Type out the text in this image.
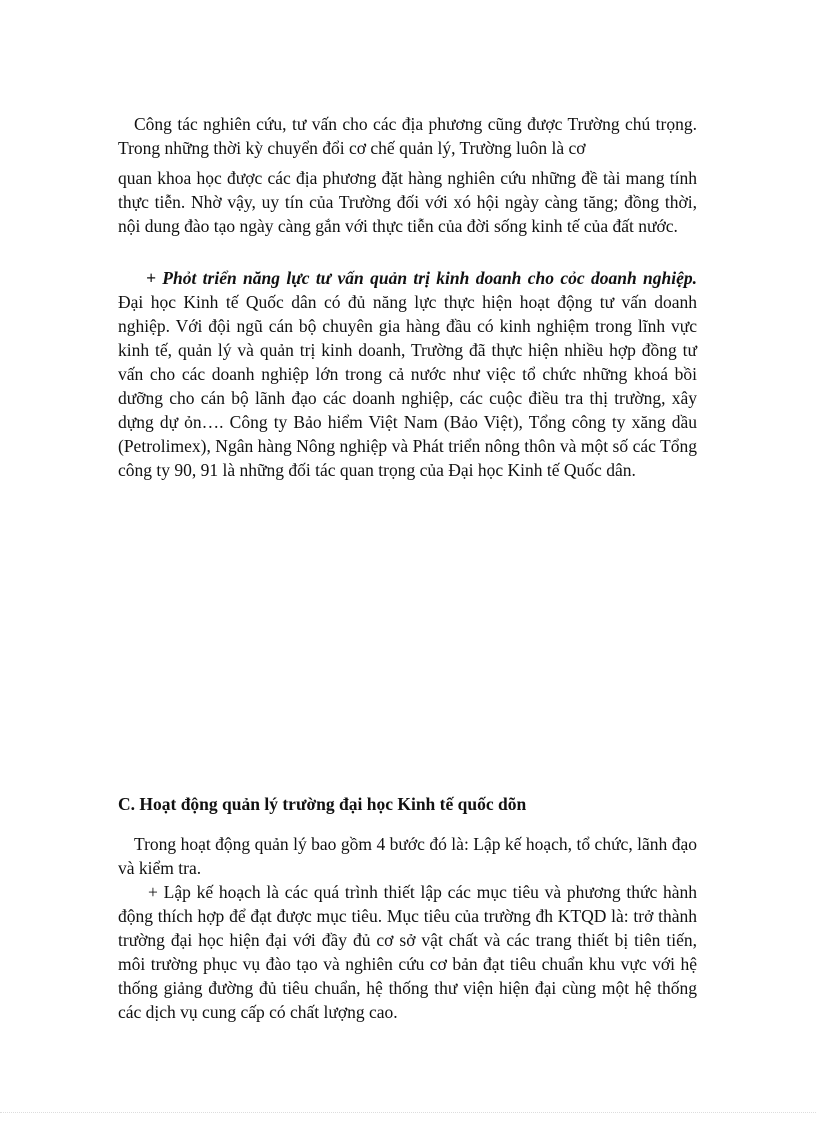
Công tác nghiên cứu, tư vấn cho các địa phương cũng được Trường chú trọng. Trong những thời kỳ chuyển đổi cơ chế quản lý, Trường luôn là cơ

quan khoa học được các địa phương đặt hàng nghiên cứu những đề tài mang tính thực tiễn. Nhờ vậy, uy tín của Trường đối với xó hội ngày càng tăng; đồng thời, nội dung đào tạo ngày càng gắn với thực tiễn của đời sống kinh tế của đất nước.

+ Phỏt triển năng lực tư vấn quản trị kinh doanh cho cỏc doanh nghiệp. Đại học Kinh tế Quốc dân có đủ năng lực thực hiện hoạt động tư vấn doanh nghiệp. Với đội ngũ cán bộ chuyên gia hàng đầu có kinh nghiệm trong lĩnh vực kinh tế, quản lý và quản trị kinh doanh, Trường đã thực hiện nhiều hợp đồng tư vấn cho các doanh nghiệp lớn trong cả nước như việc tổ chức những khoá bồi dưỡng cho cán bộ lãnh đạo các doanh nghiệp, các cuộc điều tra thị trường, xây dựng dự ỏn…. Công ty Bảo hiểm Việt Nam (Bảo Việt), Tổng công ty xăng dầu (Petrolimex), Ngân hàng Nông nghiệp và Phát triển nông thôn và một số các Tổng công ty 90, 91 là những đối tác quan trọng của Đại học Kinh tế Quốc dân.

C. Hoạt động quản lý trường đại học Kinh tế quốc dõn

Trong hoạt động quản lý bao gồm 4 bước đó là: Lập kế hoạch, tổ chức, lãnh đạo và kiểm tra.

+ Lập kế hoạch là các quá trình thiết lập các mục tiêu và phương thức hành động thích hợp để đạt được mục tiêu. Mục tiêu của trường đh KTQD là: trở thành trường đại học hiện đại với đầy đủ cơ sở vật chất và các trang thiết bị tiên tiến, môi trường phục vụ đào tạo và nghiên cứu cơ bản đạt tiêu chuẩn khu vực với hệ thống giảng đường đủ tiêu chuẩn, hệ thống thư viện hiện đại cùng một hệ thống các dịch vụ cung cấp có chất lượng cao.
